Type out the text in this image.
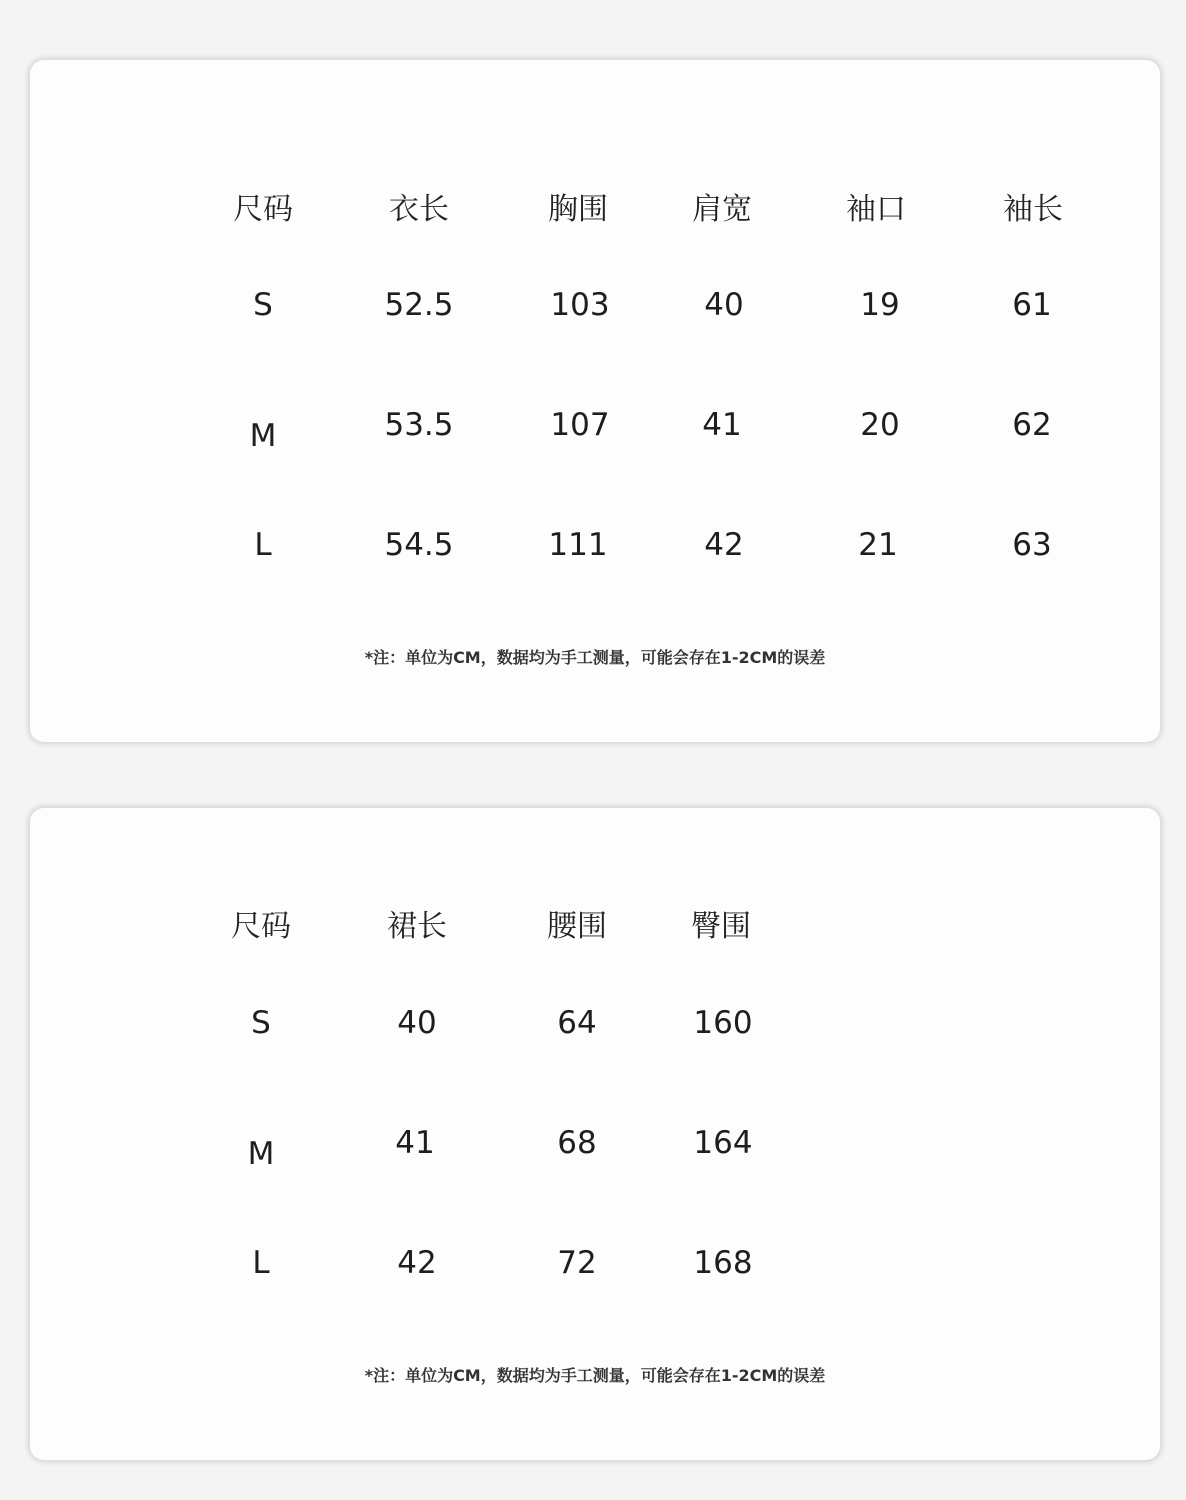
尺码	衣长	胸围	肩宽	袖口	袖长
S	52.5	103	40	19	61
M	53.5	107	41	20	62
L	54.5	111	42	21	63
*注：单位为CM，数据均为手工测量，可能会存在1-2CM的误差
尺码	裙长	腰围	臀围
S	40	64	160
M	41	68	164
L	42	72	168
*注：单位为CM，数据均为手工测量，可能会存在1-2CM的误差
